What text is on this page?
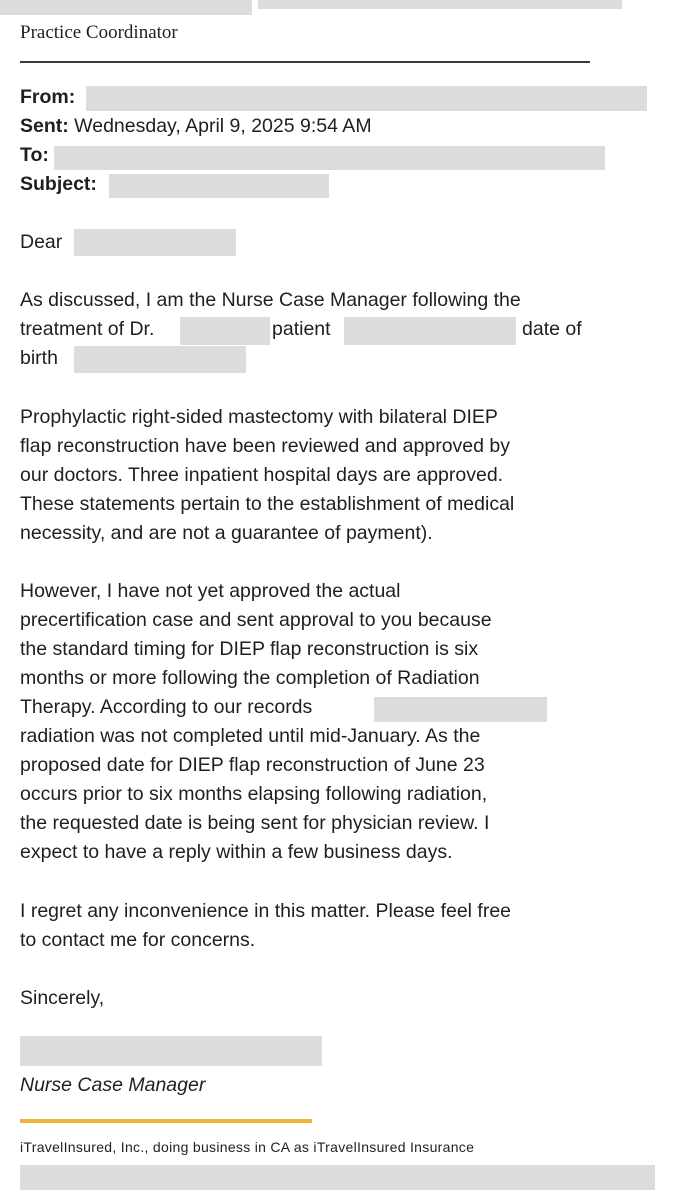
Practice Coordinator
From:
Sent: Wednesday, April 9, 2025 9:54 AM
To:
Subject:
Dear
As discussed, I am the Nurse Case Manager following the
treatment of Dr.	patient	date of
birth
Prophylactic right-sided mastectomy with bilateral DIEP
flap reconstruction have been reviewed and approved by
our doctors. Three inpatient hospital days are approved.
These statements pertain to the establishment of medical
necessity, and are not a guarantee of payment).
However, I have not yet approved the actual
precertification case and sent approval to you because
the standard timing for DIEP flap reconstruction is six
months or more following the completion of Radiation
Therapy. According to our records
radiation was not completed until mid-January. As the
proposed date for DIEP flap reconstruction of June 23
occurs prior to six months elapsing following radiation,
the requested date is being sent for physician review. I
expect to have a reply within a few business days.
I regret any inconvenience in this matter. Please feel free
to contact me for concerns.
Sincerely,
Nurse Case Manager
iTravelInsured, Inc., doing business in CA as iTravelInsured Insurance
